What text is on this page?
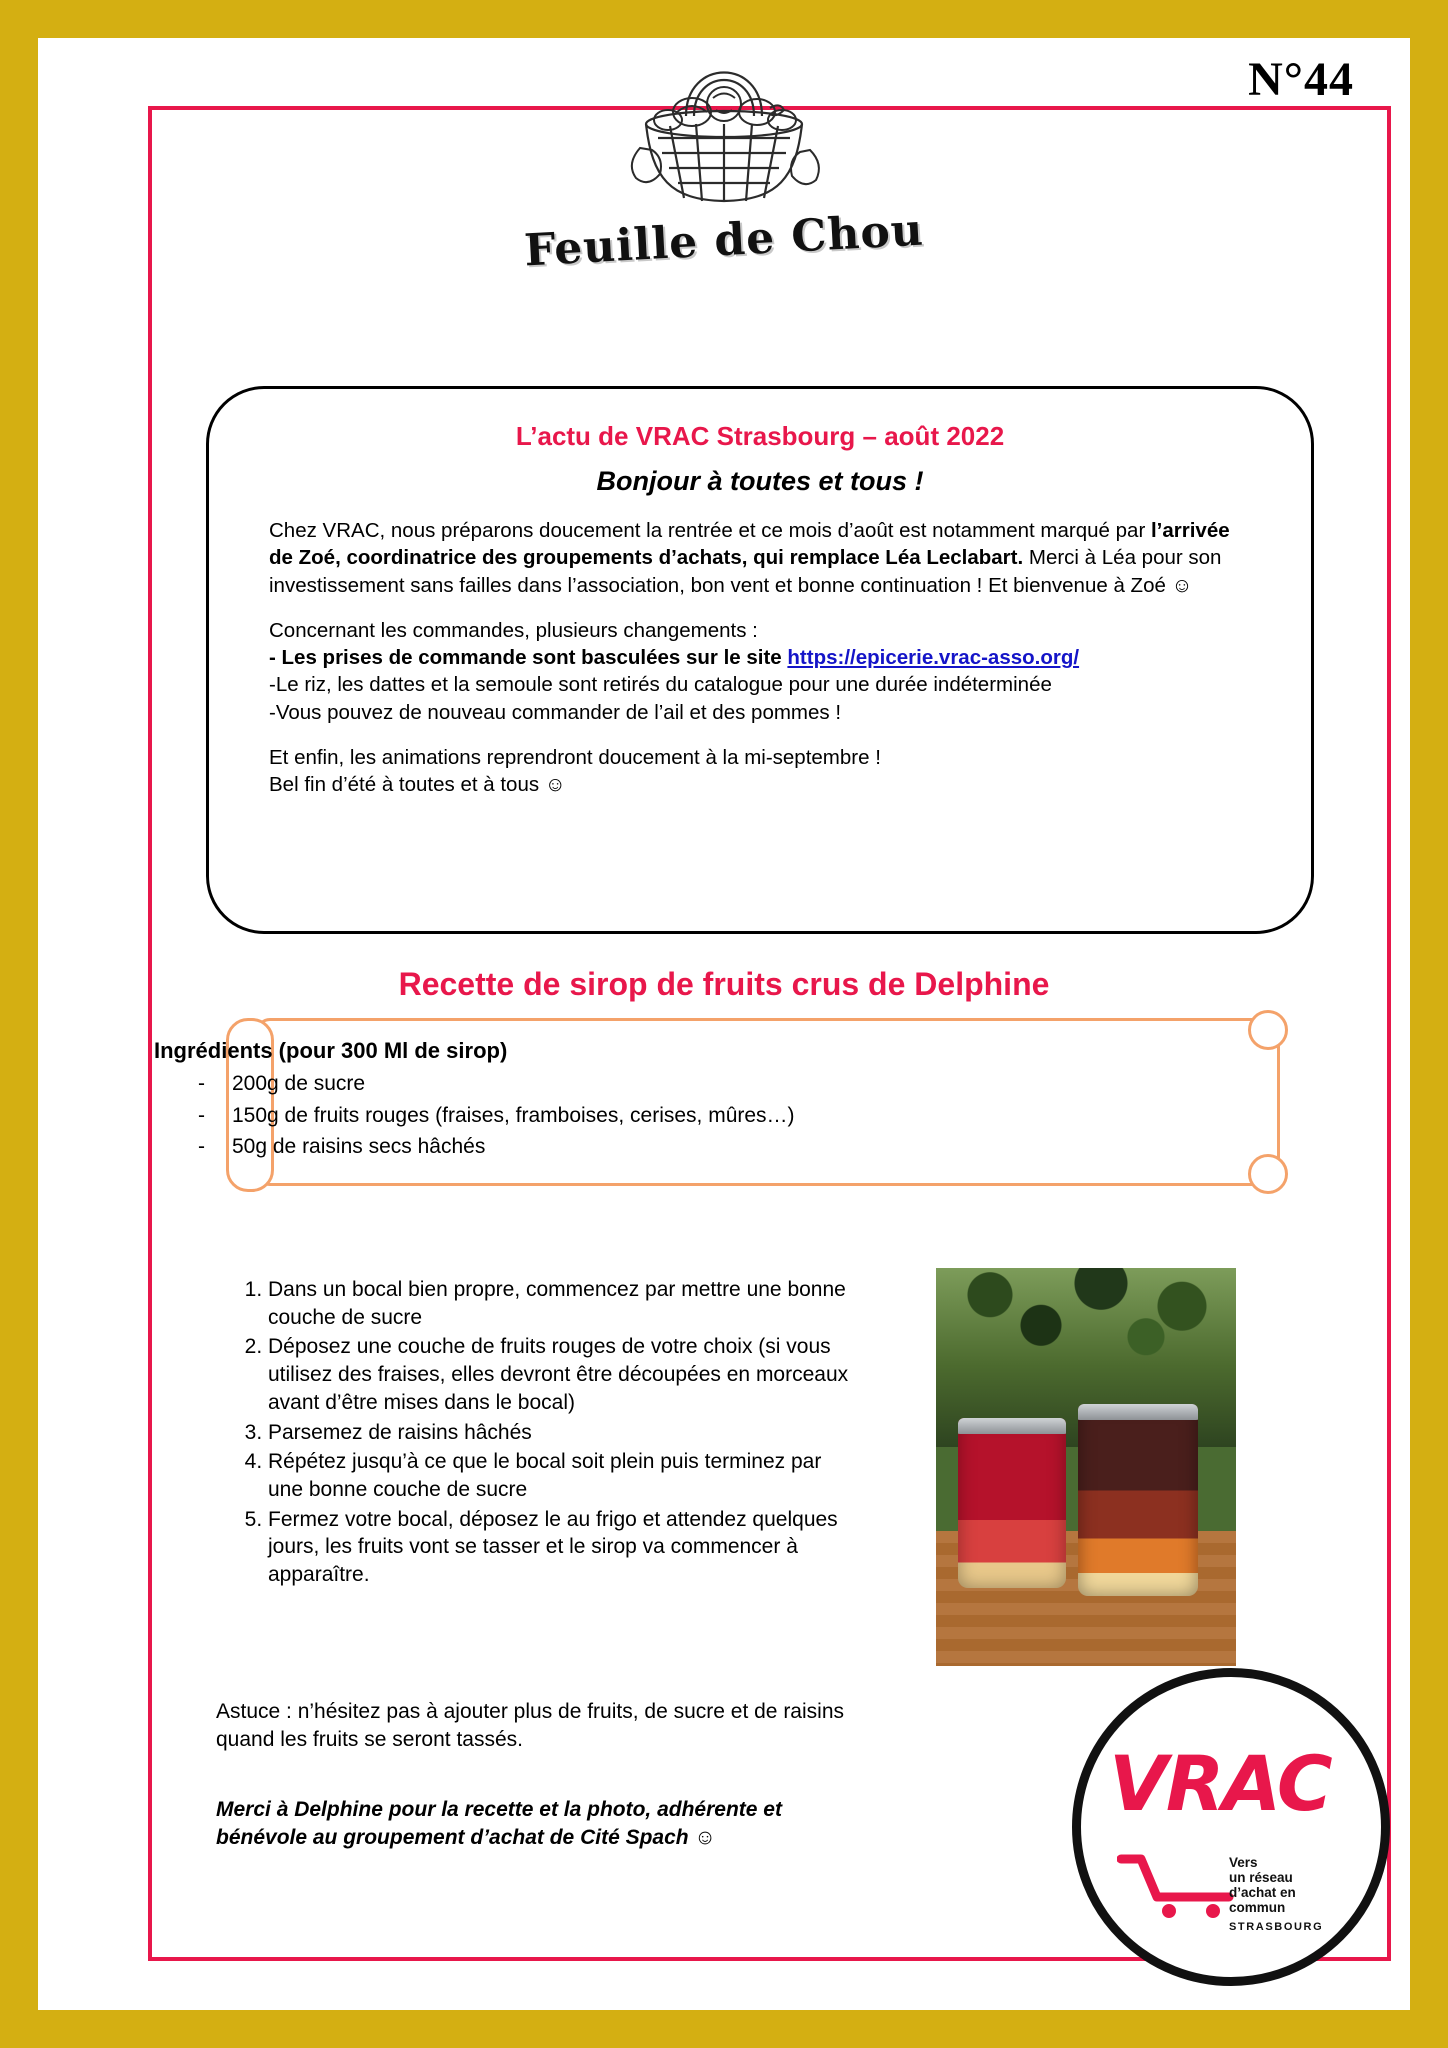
N°44
Feuille de Chou
L’actu de VRAC Strasbourg – août 2022
Bonjour à toutes et tous !

Chez VRAC, nous préparons doucement la rentrée et ce mois d’août est notamment marqué par l’arrivée de Zoé, coordinatrice des groupements d’achats, qui remplace Léa Leclabart. Merci à Léa pour son investissement sans failles dans l’association, bon vent et bonne continuation ! Et bienvenue à Zoé ☺

Concernant les commandes, plusieurs changements :
- Les prises de commande sont basculées sur le site https://epicerie.vrac-asso.org/
-Le riz, les dattes et la semoule sont retirés du catalogue pour une durée indéterminée
-Vous pouvez de nouveau commander de l’ail et des pommes !

Et enfin, les animations reprendront doucement à la mi-septembre !
Bel fin d’été à toutes et à tous ☺

Recette de sirop de fruits crus de Delphine
Ingrédients (pour 300 Ml de sirop)
- 200g de sucre
- 150g de fruits rouges (fraises, framboises, cerises, mûres…)
- 50g de raisins secs hâchés
1. Dans un bocal bien propre, commencez par mettre une bonne couche de sucre
2. Déposez une couche de fruits rouges de votre choix (si vous utilisez des fraises, elles devront être découpées en morceaux avant d’être mises dans le bocal)
3. Parsemez de raisins hâchés
4. Répétez jusqu’à ce que le bocal soit plein puis terminez par une bonne couche de sucre
5. Fermez votre bocal, déposez le au frigo et attendez quelques jours, les fruits vont se tasser et le sirop va commencer à apparaître.
Astuce : n’hésitez pas à ajouter plus de fruits, de sucre et de raisins quand les fruits se seront tassés.
Merci à Delphine pour la recette et la photo, adhérente et bénévole au groupement d’achat de Cité Spach ☺
VRAC
Vers
un réseau
d’achat en
commun
STRASBOURG
